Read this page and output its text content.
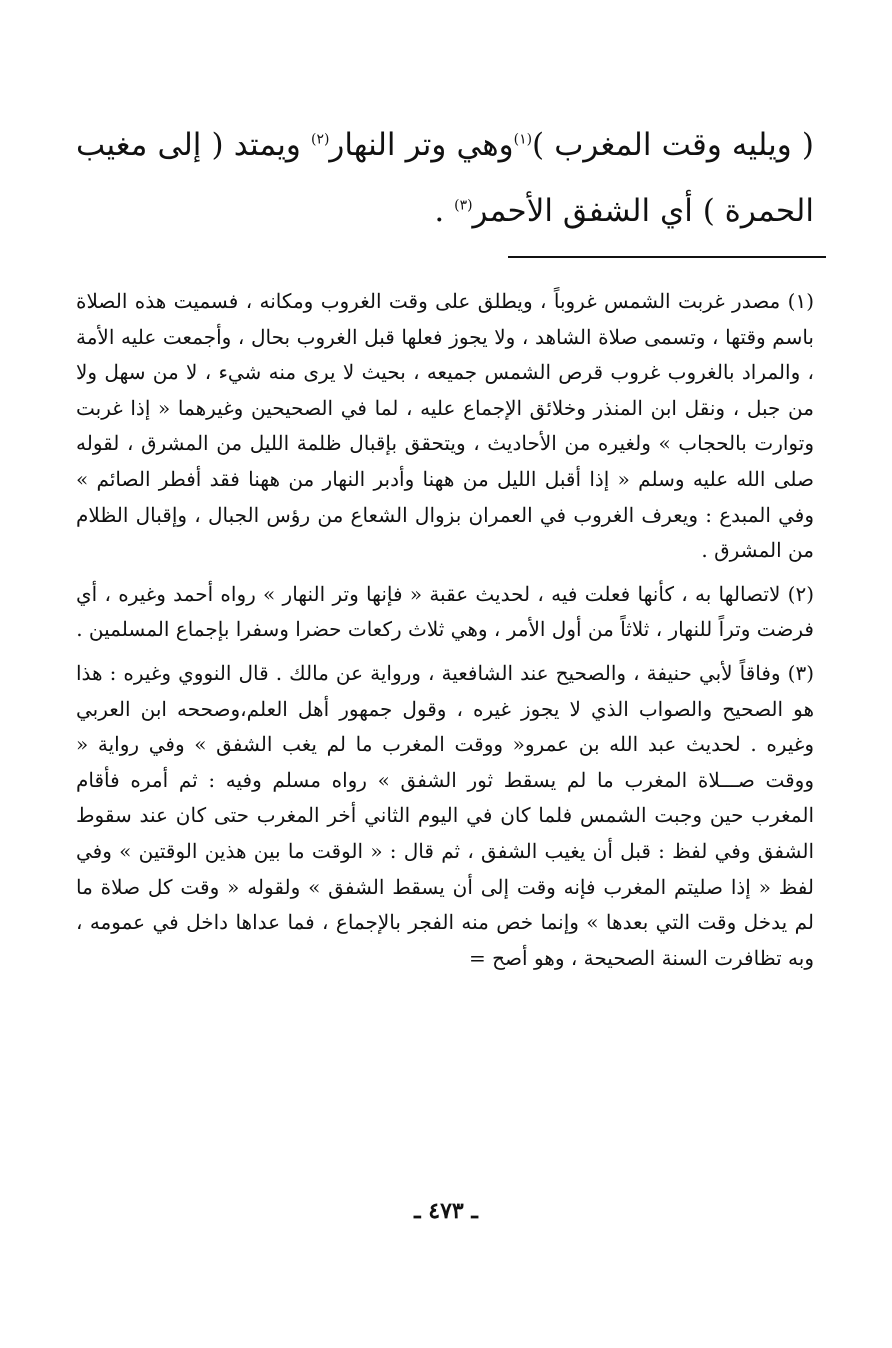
( ويليه وقت المغرب )$^{(١)}$وهي وتر النهار$^{(٢)}$ ويمتد ( إلى مغيب الحمرة ) أي الشفق الأحمر$^{(٣)}$ .

(١) مصدر غربت الشمس غروباً ، ويطلق على وقت الغروب ومكانه ، فسميت هذه الصلاة باسم وقتها ، وتسمى صلاة الشاهد ، ولا يجوز فعلها قبل الغروب بحال ، وأجمعت عليه الأمة ، والمراد بالغروب غروب قرص الشمس جميعه ، بحيث لا يرى منه شيء ، لا من سهل ولا من جبل ، ونقل ابن المنذر وخلائق الإجماع عليه ، لما في الصحيحين وغيرهما « إذا غربت وتوارت بالحجاب » ولغيره من الأحاديث ، ويتحقق بإقبال ظلمة الليل من المشرق ، لقوله صلى الله عليه وسلم « إذا أقبل الليل من ههنا وأدبر النهار من ههنا فقد أفطر الصائم » وفي المبدع : ويعرف الغروب في العمران بزوال الشعاع من رؤس الجبال ، وإقبال الظلام من المشرق .

(٢) لاتصالها به ، كأنها فعلت فيه ، لحديث عقبة « فإنها وتر النهار » رواه أحمد وغيره ، أي فرضت وتراً للنهار ، ثلاثاً من أول الأمر ، وهي ثلاث ركعات حضرا وسفرا بإجماع المسلمين .

(٣) وفاقاً لأبي حنيفة ، والصحيح عند الشافعية ، ورواية عن مالك . قال النووي وغيره : هذا هو الصحيح والصواب الذي لا يجوز غيره ، وقول جمهور أهل العلم،وصححه ابن العربي وغيره . لحديث عبد الله بن عمرو« ووقت المغرب ما لم يغب الشفق » وفي رواية « ووقت صـــلاة المغرب ما لم يسقط ثور الشفق » رواه مسلم وفيه : ثم أمره فأقام المغرب حين وجبت الشمس فلما كان في اليوم الثاني أخر المغرب حتى كان عند سقوط الشفق وفي لفظ : قبل أن يغيب الشفق ، ثم قال : « الوقت ما بين هذين الوقتين » وفي لفظ « إذا صليتم المغرب فإنه وقت إلى أن يسقط الشفق » ولقوله « وقت كل صلاة ما لم يدخل وقت التي بعدها » وإنما خص منه الفجر بالإجماع ، فما عداها داخل في عمومه ، وبه تظافرت السنة الصحيحة ، وهو أصح =

ـ ٤٧٣ ـ
